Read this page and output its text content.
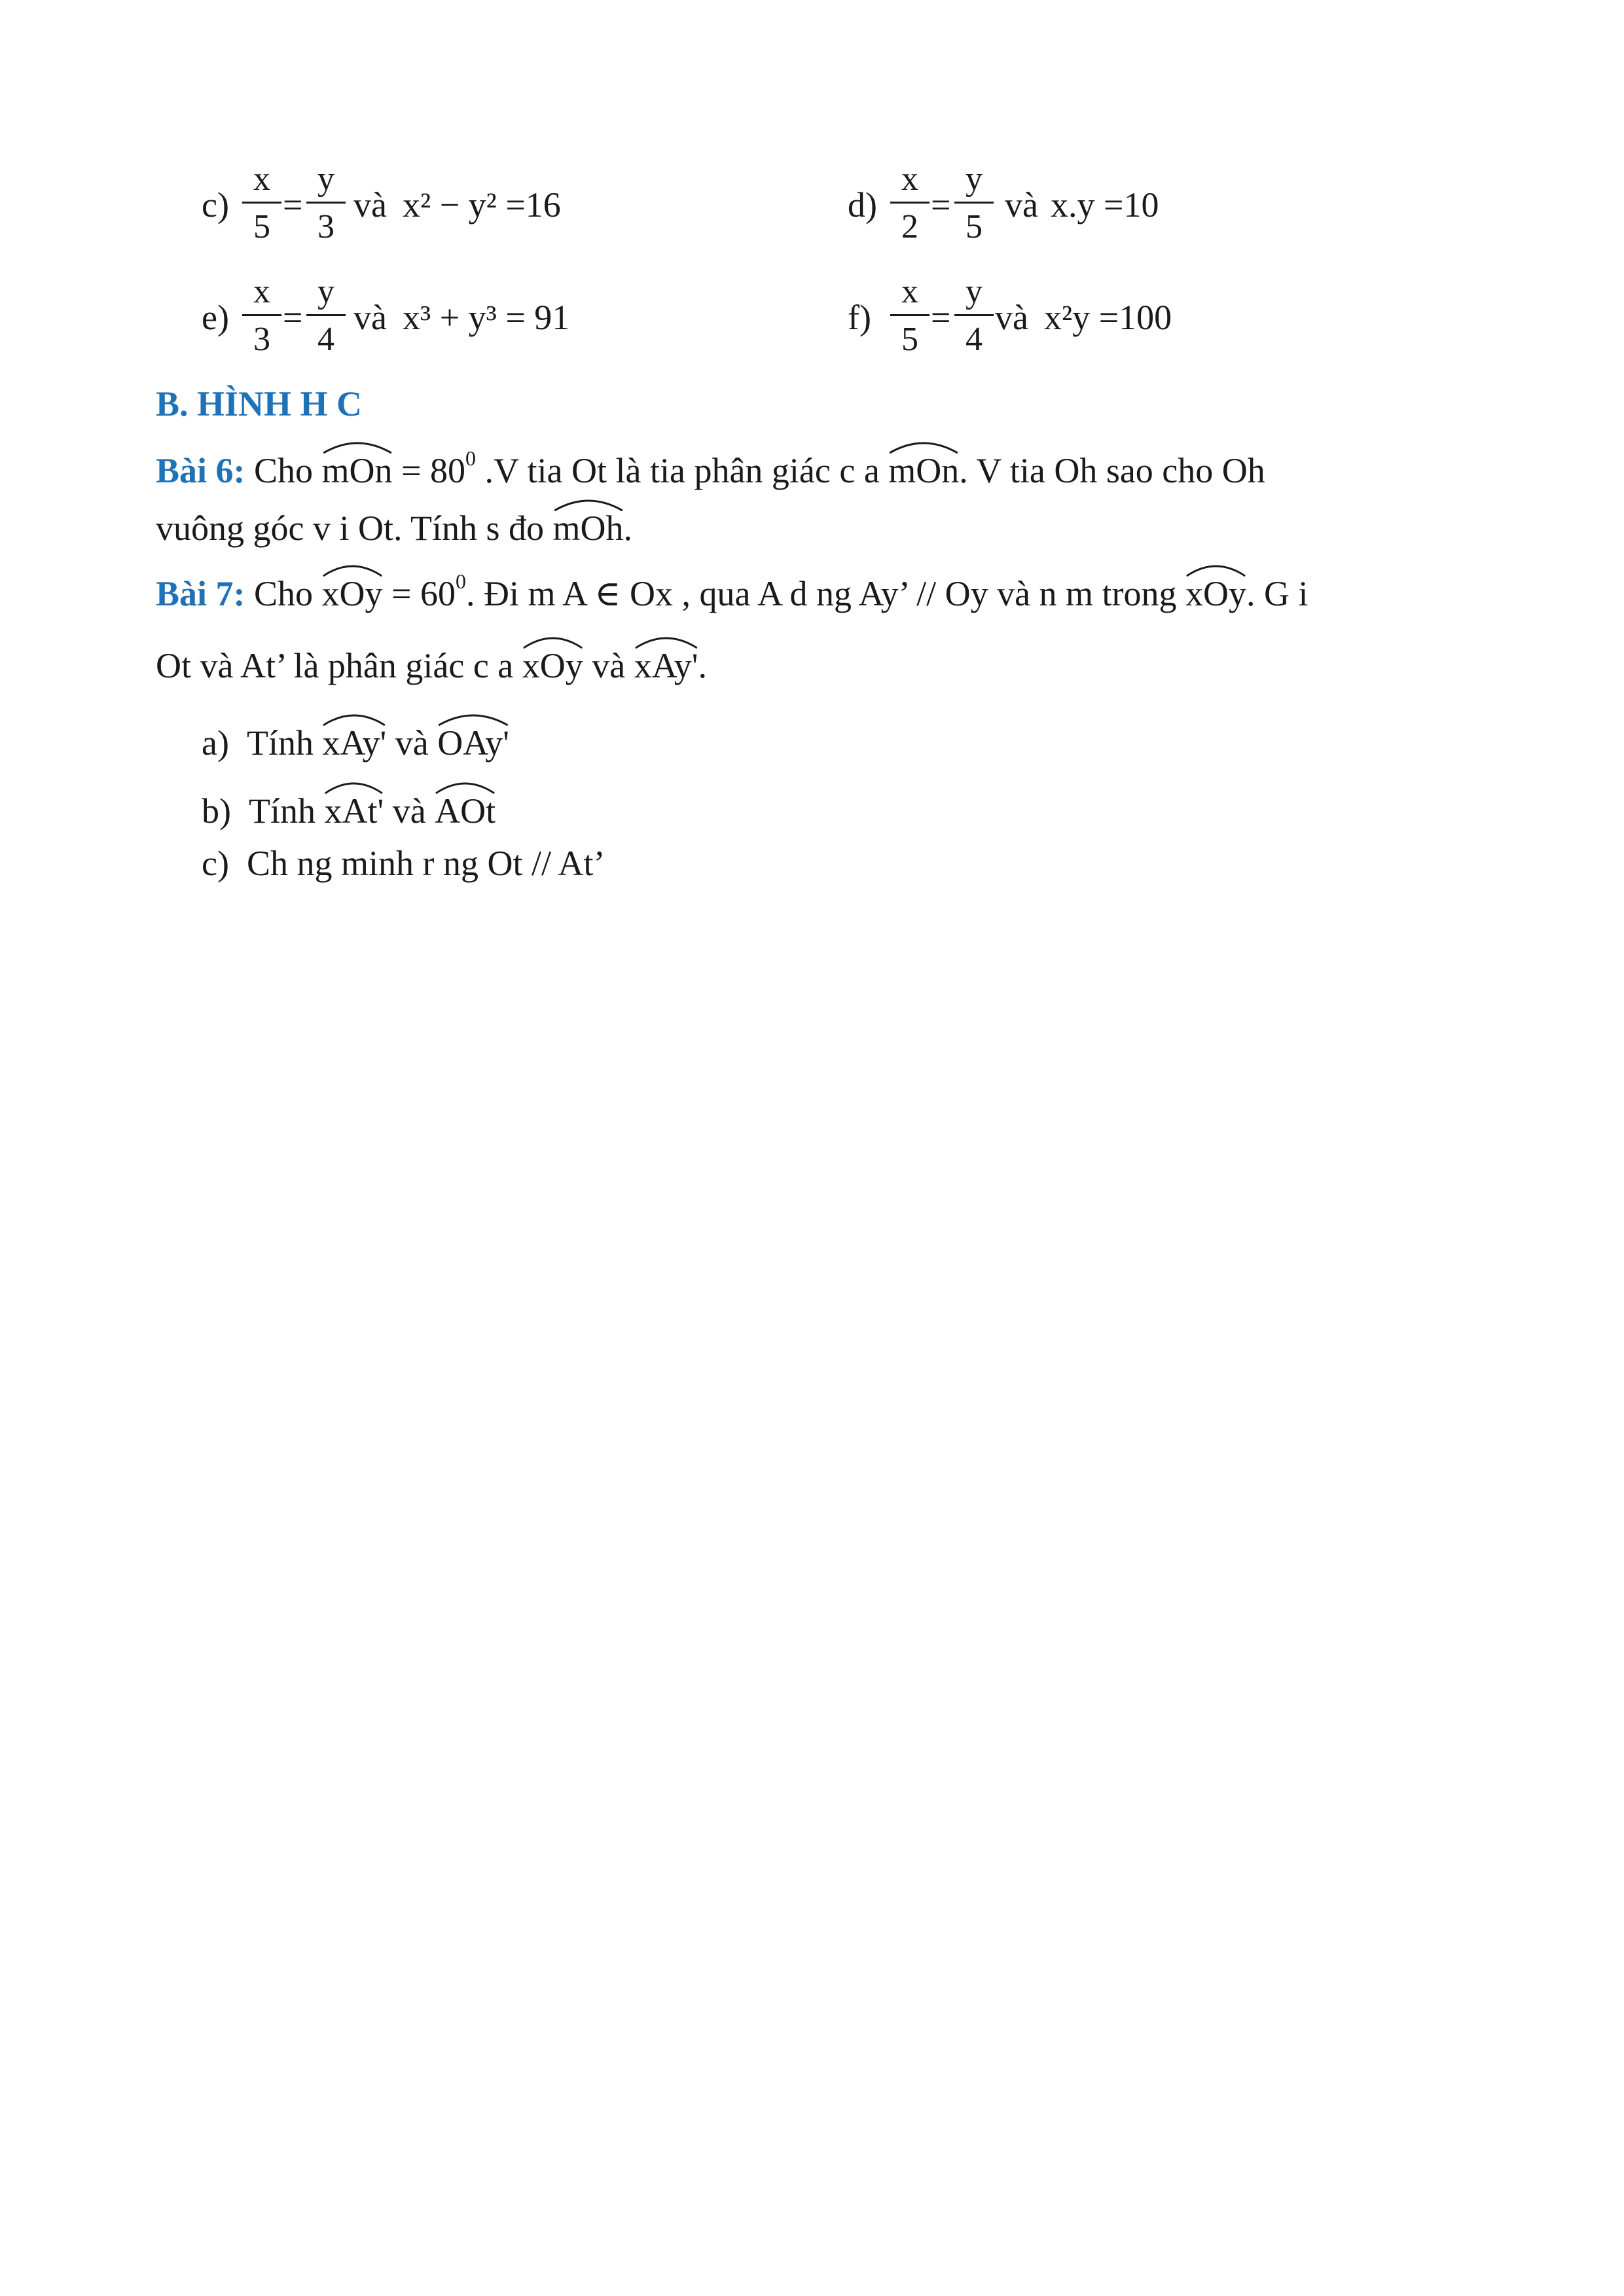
c)
x
5
=
y
3
và x² − y² =16	d)
x
2
=
y
5
và x.y =10
e)
x
3
=
y
4
và x³ + y³ = 91	f)
x
5
=
y
4
và x²y =100
B. HÌNH H C
Bài 6: Cho
mOn = $80^0$ .V tia Ot là tia phân giác c a
mOn. V tia Oh sao cho Oh
vuông góc v i Ot. Tính s đo
mOh.
Bài 7: Cho
xOy = $60^0$. Đi m A ∈ Ox , qua A d ng Ay’ // Oy và n m trong
xOy. G i
Ot và At’ là phân giác c a
xOy và
xAy'.
a) Tính
xAy' và
OAy'
b) Tính
xAt' và
AOt
c) Ch ng minh r ng Ot // At’
